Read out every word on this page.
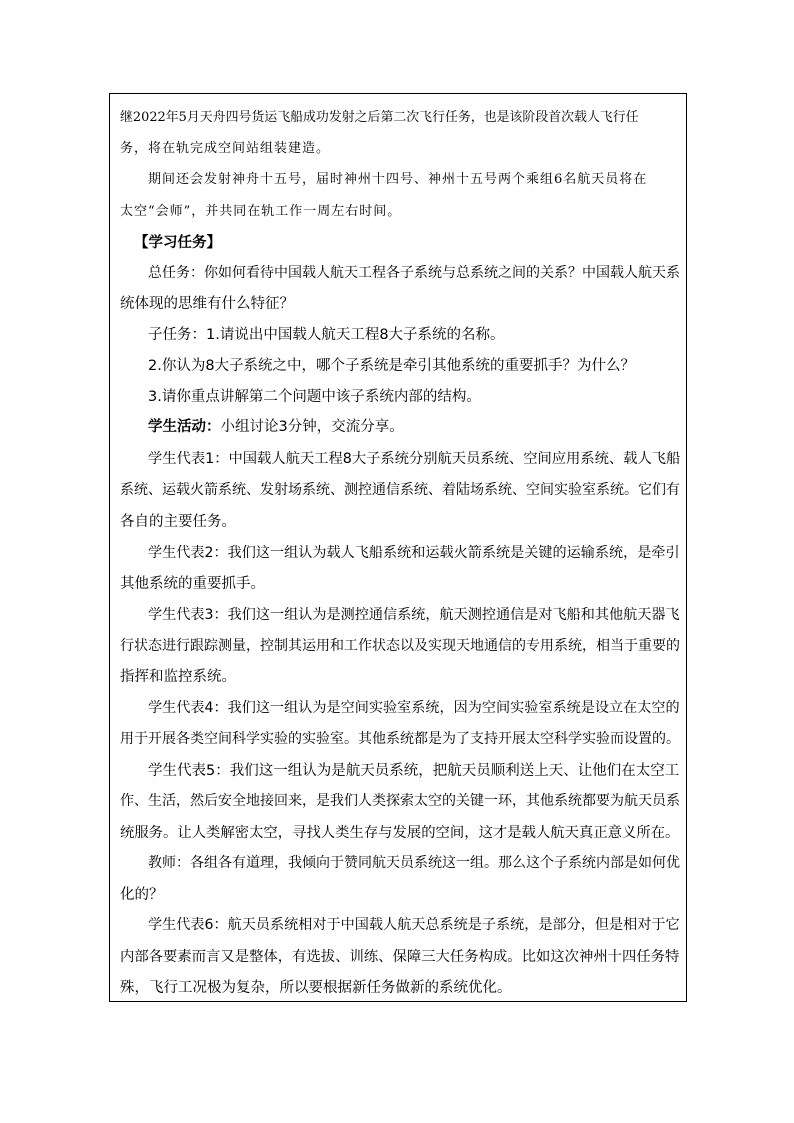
继2022年5月天舟四号货运飞船成功发射之后第二次飞行任务，也是该阶段首次载人飞行任
务，将在轨完成空间站组装建造。
期间还会发射神舟十五号，届时神州十四号、神州十五号两个乘组6名航天员将在
太空“会师”，并共同在轨工作一周左右时间。
【学习任务】
总任务：你如何看待中国载人航天工程各子系统与总系统之间的关系？中国载人航天系
统体现的思维有什么特征？
子任务：1.请说出中国载人航天工程8大子系统的名称。
2.你认为8大子系统之中，哪个子系统是牵引其他系统的重要抓手？为什么？
3.请你重点讲解第二个问题中该子系统内部的结构。
学生活动：小组讨论3分钟，交流分享。
学生代表1：中国载人航天工程8大子系统分别航天员系统、空间应用系统、载人飞船
系统、运载火箭系统、发射场系统、测控通信系统、着陆场系统、空间实验室系统。它们有
各自的主要任务。
学生代表2：我们这一组认为载人飞船系统和运载火箭系统是关键的运输系统，是牵引
其他系统的重要抓手。
学生代表3：我们这一组认为是测控通信系统，航天测控通信是对飞船和其他航天器飞
行状态进行跟踪测量，控制其运用和工作状态以及实现天地通信的专用系统，相当于重要的
指挥和监控系统。
学生代表4：我们这一组认为是空间实验室系统，因为空间实验室系统是设立在太空的
用于开展各类空间科学实验的实验室。其他系统都是为了支持开展太空科学实验而设置的。
学生代表5：我们这一组认为是航天员系统，把航天员顺利送上天、让他们在太空工
作、生活，然后安全地接回来，是我们人类探索太空的关键一环，其他系统都要为航天员系
统服务。让人类解密太空，寻找人类生存与发展的空间，这才是载人航天真正意义所在。
教师：各组各有道理，我倾向于赞同航天员系统这一组。那么这个子系统内部是如何优
化的？
学生代表6：航天员系统相对于中国载人航天总系统是子系统，是部分，但是相对于它
内部各要素而言又是整体，有选拔、训练、保障三大任务构成。比如这次神州十四任务特
殊，飞行工况极为复杂，所以要根据新任务做新的系统优化。
